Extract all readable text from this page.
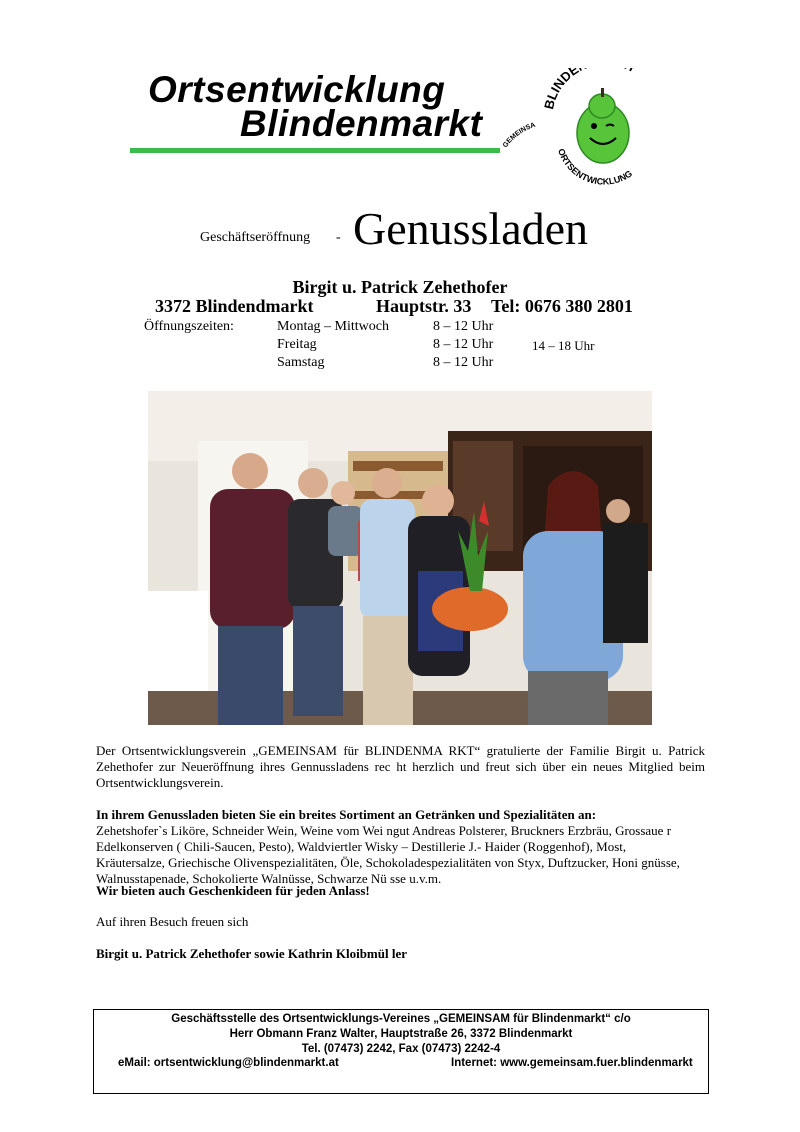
Ortsentwicklung
Blindenmarkt	BLINDE
ORTSENTWICKLUNG
GEMEINSA
Geschäftseröffnung - Genussladen
Birgit u. Patrick Zehethofer
3372 Blindendmarkt	Hauptstr. 33 Tel: 0676 380 2801
Öffnungszeiten:	Montag – Mittwoch	8 – 12 Uhr
Freitag	8 – 12 Uhr	14 – 18 Uhr
Samstag	8 – 12 Uhr
Der Ortsentwicklungsverein „GEMEINSAM für BLINDENMA RKT“ gratulierte der Familie Birgit u. Patrick Zehethofer zur Neueröffnung ihres Gennussladens rec ht herzlich und freut sich über ein neues Mitglied beim Ortsentwicklungsverein.
In ihrem Genussladen bieten Sie ein breites Sortiment an Getränken und Spezialitäten an:
Zehetshofer`s Liköre, Schneider Wein, Weine vom Wei ngut Andreas Polsterer, Bruckners Erzbräu, Grossaue r Edelkonserven ( Chili-Saucen, Pesto), Waldviertler Wisky – Destillerie J.- Haider (Roggenhof), Most, Kräutersalze, Griechische Olivenspezialitäten, Öle, Schokoladespezialitäten von Styx, Duftzucker, Honi gnüsse, Walnusstapenade, Schokolierte Walnüsse, Schwarze Nü sse u.v.m.
Wir bieten auch Geschenkideen für jeden Anlass!
Auf ihren Besuch freuen sich
Birgit u. Patrick Zehethofer sowie Kathrin Kloibmül ler
Geschäftsstelle des Ortsentwicklungs-Vereines „GEMEINSAM für Blindenmarkt“ c/o
Herr Obmann Franz Walter, Hauptstraße 26, 3372 Blindenmarkt
Tel. (07473) 2242, Fax (07473) 2242-4
eMail: ortsentwicklung@blindenmarkt.at	Internet: www.gemeinsam.fuer.blindenmarkt
